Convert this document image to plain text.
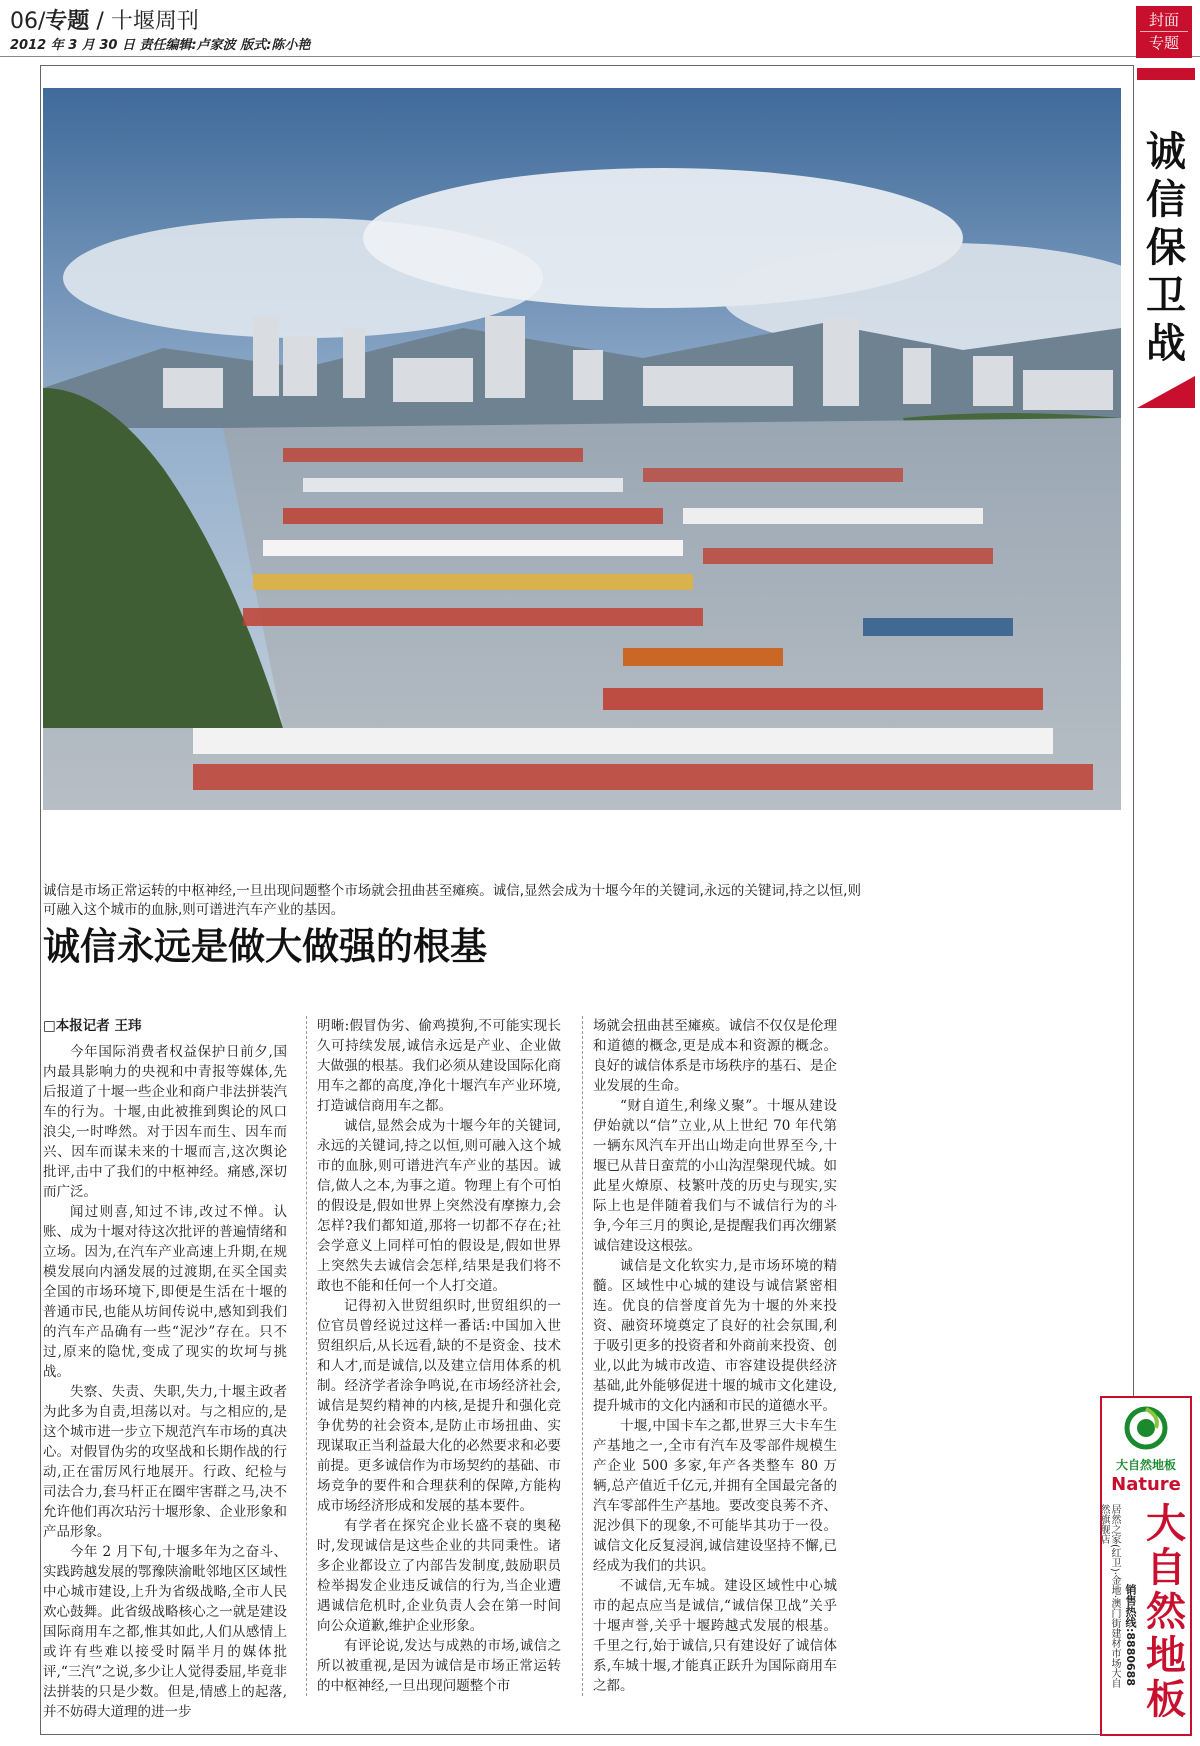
06/专题 / 十堰周刊
2012 年 3 月 30 日 责任编辑:卢家波 版式:陈小艳
封面
专题
诚信保卫战
诚信是市场正常运转的中枢神经,一旦出现问题整个市场就会扭曲甚至瘫痪。诚信,显然会成为十堰今年的关键词,永远的关键词,持之以恒,则可融入这个城市的血脉,则可谱进汽车产业的基因。
诚信永远是做大做强的根基

□本报记者 王玮

今年国际消费者权益保护日前夕,国内最具影响力的央视和中青报等媒体,先后报道了十堰一些企业和商户非法拼装汽车的行为。十堰,由此被推到舆论的风口浪尖,一时哗然。对于因车而生、因车而兴、因车而谋未来的十堰而言,这次舆论批评,击中了我们的中枢神经。痛感,深切而广泛。

闻过则喜,知过不讳,改过不惮。认账、成为十堰对待这次批评的普遍情绪和立场。因为,在汽车产业高速上升期,在规模发展向内涵发展的过渡期,在买全国卖全国的市场环境下,即便是生活在十堰的普通市民,也能从坊间传说中,感知到我们的汽车产品确有一些“泥沙”存在。只不过,原来的隐忧,变成了现实的坎坷与挑战。

失察、失责、失职,失力,十堰主政者为此多为自责,坦荡以对。与之相应的,是这个城市进一步立下规范汽车市场的真决心。对假冒伪劣的攻坚战和长期作战的行动,正在雷厉风行地展开。行政、纪检与司法合力,套马杆正在圈牢害群之马,决不允许他们再次玷污十堰形象、企业形象和产品形象。

今年 2 月下旬,十堰多年为之奋斗、实践跨越发展的鄂豫陕渝毗邻地区区域性中心城市建设,上升为省级战略,全市人民欢心鼓舞。此省级战略核心之一就是建设国际商用车之都,惟其如此,人们从感情上或许有些难以接受时隔半月的媒体批评,“三汽”之说,多少让人觉得委屈,毕竟非法拼装的只是少数。但是,情感上的起落,并不妨碍大道理的进一步

明晰:假冒伪劣、偷鸡摸狗,不可能实现长久可持续发展,诚信永远是产业、企业做大做强的根基。我们必须从建设国际化商用车之都的高度,净化十堰汽车产业环境,打造诚信商用车之都。

诚信,显然会成为十堰今年的关键词,永远的关键词,持之以恒,则可融入这个城市的血脉,则可谱进汽车产业的基因。诚信,做人之本,为事之道。物理上有个可怕的假设是,假如世界上突然没有摩擦力,会怎样?我们都知道,那将一切都不存在;社会学意义上同样可怕的假设是,假如世界上突然失去诚信会怎样,结果是我们将不敢也不能和任何一个人打交道。

记得初入世贸组织时,世贸组织的一位官员曾经说过这样一番话:中国加入世贸组织后,从长远看,缺的不是资金、技术和人才,而是诚信,以及建立信用体系的机制。经济学者涂争鸣说,在市场经济社会,诚信是契约精神的内核,是提升和强化竞争优势的社会资本,是防止市场扭曲、实现谋取正当利益最大化的必然要求和必要前提。更多诚信作为市场契约的基础、市场竞争的要件和合理获利的保障,方能构成市场经济形成和发展的基本要件。

有学者在探究企业长盛不衰的奥秘时,发现诚信是这些企业的共同秉性。诸多企业都设立了内部告发制度,鼓励职员检举揭发企业违反诚信的行为,当企业遭遇诚信危机时,企业负责人会在第一时间向公众道歉,维护企业形象。

有评论说,发达与成熟的市场,诚信之所以被重视,是因为诚信是市场正常运转的中枢神经,一旦出现问题整个市

场就会扭曲甚至瘫痪。诚信不仅仅是伦理和道德的概念,更是成本和资源的概念。良好的诚信体系是市场秩序的基石、是企业发展的生命。

“财自道生,利缘义聚”。十堰从建设伊始就以“信”立业,从上世纪 70 年代第一辆东风汽车开出山坳走向世界至今,十堰已从昔日蛮荒的小山沟涅槃现代城。如此星火燎原、枝繁叶茂的历史与现实,实际上也是伴随着我们与不诚信行为的斗争,今年三月的舆论,是提醒我们再次绷紧诚信建设这根弦。

诚信是文化软实力,是市场环境的精髓。区域性中心城的建设与诚信紧密相连。优良的信誉度首先为十堰的外来投资、融资环境奠定了良好的社会氛围,利于吸引更多的投资者和外商前来投资、创业,以此为城市改造、市容建设提供经济基础,此外能够促进十堰的城市文化建设,提升城市的文化内涵和市民的道德水平。

十堰,中国卡车之都,世界三大卡车生产基地之一,全市有汽车及零部件规模生产企业 500 多家,年产各类整车 80 万辆,总产值近千亿元,并拥有全国最完备的汽车零部件生产基地。要改变良莠不齐、泥沙俱下的现象,不可能毕其功于一役。诚信文化反复浸润,诚信建设坚持不懈,已经成为我们的共识。

不诚信,无车城。建设区域性中心城市的起点应当是诚信,“诚信保卫战”关乎十堰声誉,关乎十堰跨越式发展的根基。千里之行,始于诚信,只有建设好了诚信体系,车城十堰,才能真正跃升为国际商用车之都。

大自然地板
Nature
居然之家(红卫)·金地·澳门街建材市场大自然旗舰店
销售热线:8880688
大自然地板
